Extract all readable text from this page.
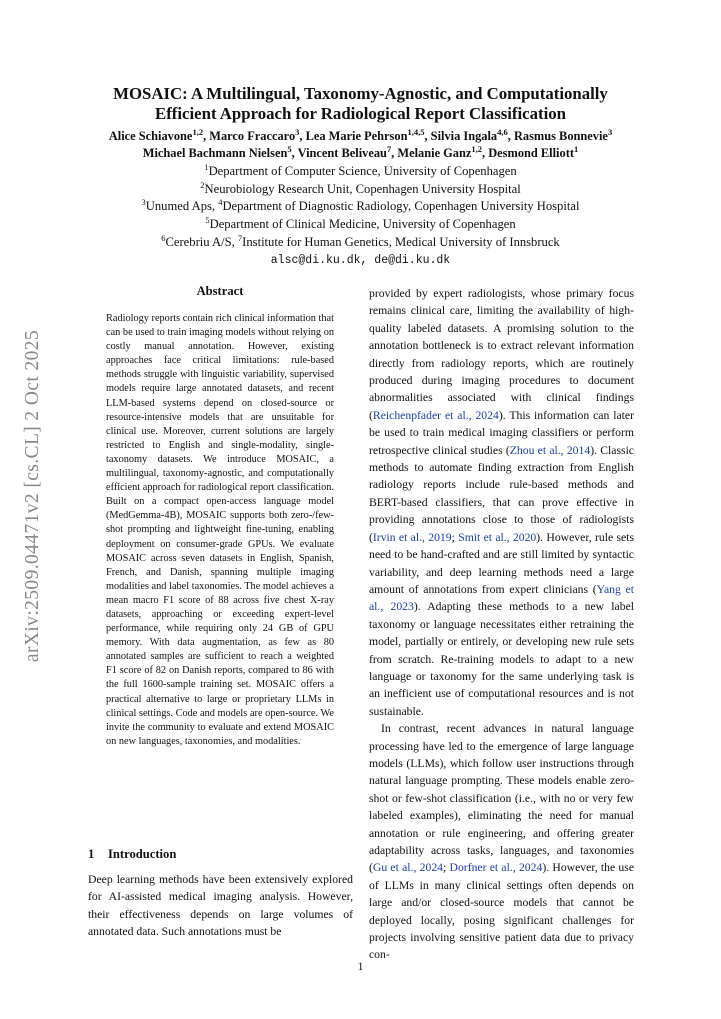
arXiv:2509.04471v2 [cs.CL] 2 Oct 2025
MOSAIC: A Multilingual, Taxonomy-Agnostic, and Computationally
Efficient Approach for Radiological Report Classification
Alice Schiavone$^{1,2}$, Marco Fraccaro$^3$, Lea Marie Pehrson$^{1,4,5}$, Silvia Ingala$^{4,6}$, Rasmus Bonnevie$^3$
Michael Bachmann Nielsen$^5$, Vincent Beliveau$^7$, Melanie Ganz$^{1,2}$, Desmond Elliott$^1$
$^1$Department of Computer Science, University of Copenhagen
$^2$Neurobiology Research Unit, Copenhagen University Hospital
$^3$Unumed Aps, $^4$Department of Diagnostic Radiology, Copenhagen University Hospital
$^5$Department of Clinical Medicine, University of Copenhagen
$^6$Cerebriu A/S, $^7$Institute for Human Genetics, Medical University of Innsbruck
alsc@di.ku.dk, de@di.ku.dk
Abstract

Radiology reports contain rich clinical information that can be used to train imaging models without relying on costly manual annotation. However, existing approaches face critical limitations: rule-based methods struggle with linguistic variability, supervised models require large annotated datasets, and recent LLM-based systems depend on closed-source or resource-intensive models that are unsuitable for clinical use. Moreover, current solutions are largely restricted to English and single-modality, single-taxonomy datasets. We introduce MOSAIC, a multilingual, taxonomy-agnostic, and computationally efficient approach for radiological report classification. Built on a compact open-access language model (MedGemma-4B), MOSAIC supports both zero-/few-shot prompting and lightweight fine-tuning, enabling deployment on consumer-grade GPUs. We evaluate MOSAIC across seven datasets in English, Spanish, French, and Danish, spanning multiple imaging modalities and label taxonomies. The model achieves a mean macro F1 score of 88 across five chest X-ray datasets, approaching or exceeding expert-level performance, while requiring only 24 GB of GPU memory. With data augmentation, as few as 80 annotated samples are sufficient to reach a weighted F1 score of 82 on Danish reports, compared to 86 with the full 1600-sample training set. MOSAIC offers a practical alternative to large or proprietary LLMs in clinical settings. Code and models are open-source. We invite the community to evaluate and extend MOSAIC on new languages, taxonomies, and modalities.

1 Introduction

Deep learning methods have been extensively explored for AI-assisted medical imaging analysis. However, their effectiveness depends on large volumes of annotated data. Such annotations must be

provided by expert radiologists, whose primary focus remains clinical care, limiting the availability of high-quality labeled datasets. A promising solution to the annotation bottleneck is to extract relevant information directly from radiology reports, which are routinely produced during imaging procedures to document abnormalities associated with clinical findings (Reichenpfader et al., 2024). This information can later be used to train medical imaging classifiers or perform retrospective clinical studies (Zhou et al., 2014). Classic methods to automate finding extraction from English radiology reports include rule-based methods and BERT-based classifiers, that can prove effective in providing annotations close to those of radiologists (Irvin et al., 2019; Smit et al., 2020). However, rule sets need to be hand-crafted and are still limited by syntactic variability, and deep learning methods need a large amount of annotations from expert clinicians (Yang et al., 2023). Adapting these methods to a new label taxonomy or language necessitates either retraining the model, partially or entirely, or developing new rule sets from scratch. Re-training models to adapt to a new language or taxonomy for the same underlying task is an inefficient use of computational resources and is not sustainable.

In contrast, recent advances in natural language processing have led to the emergence of large language models (LLMs), which follow user instructions through natural language prompting. These models enable zero-shot or few-shot classification (i.e., with no or very few labeled examples), eliminating the need for manual annotation or rule engineering, and offering greater adaptability across tasks, languages, and taxonomies (Gu et al., 2024; Dorfner et al., 2024). However, the use of LLMs in many clinical settings often depends on large and/or closed-source models that cannot be deployed locally, posing significant challenges for projects involving sensitive patient data due to privacy con-

1
